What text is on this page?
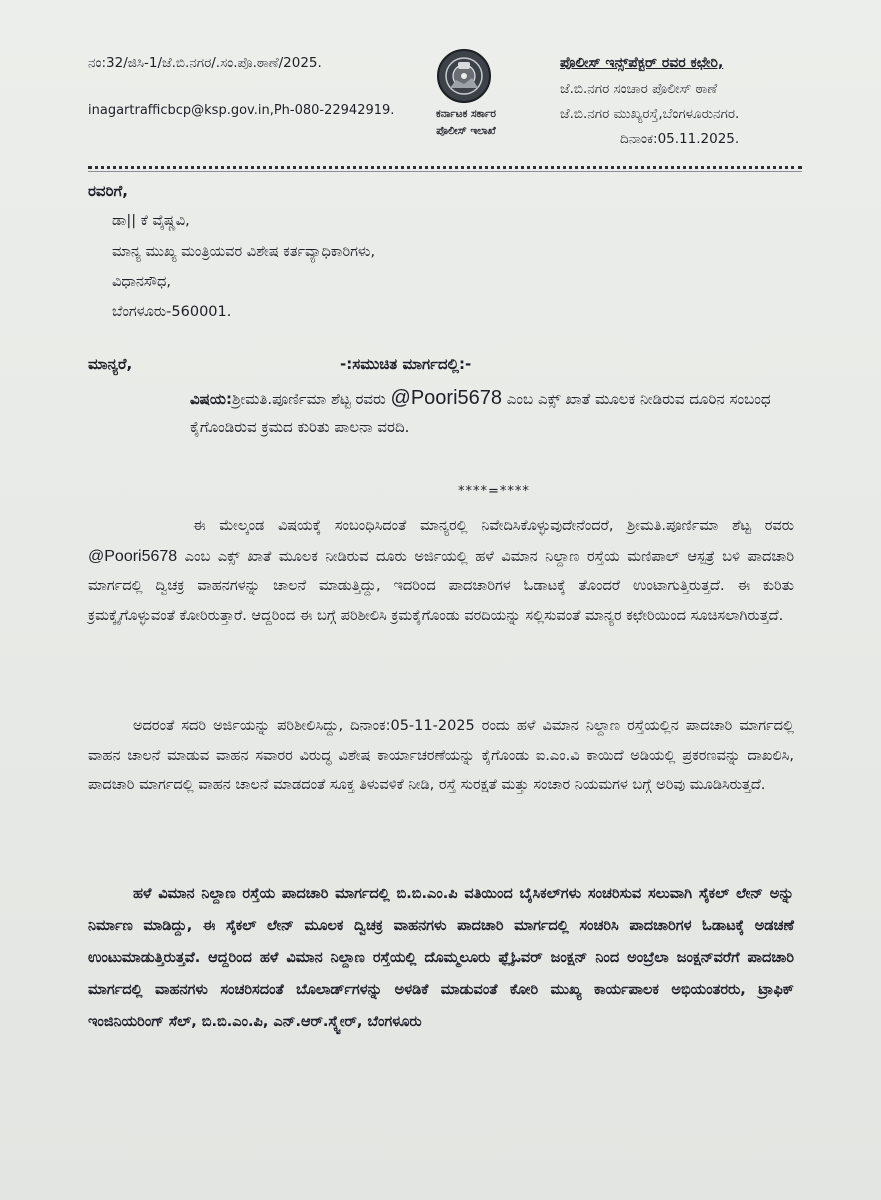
ನಂ:32/ಜಿಸಿ-1/ಜೆ.ಬಿ.ನಗರ/.ಸಂ.ಪೊ.ಠಾಣೆ/2025.
inagartrafficbcp@ksp.gov.in,Ph-080-22942919.	ಕರ್ನಾಟಕ ಸರ್ಕಾರ
ಪೊಲೀಸ್ ಇಲಾಖೆ
ಪೊಲೀಸ್ ಇನ್ಸ್‌ಪೆಕ್ಟರ್ ರವರ ಕಛೇರಿ,
ಜೆ.ಬಿ.ನಗರ ಸಂಚಾರ ಪೊಲೀಸ್ ಠಾಣೆ
ಜೆ.ಬಿ.ನಗರ ಮುಖ್ಯರಸ್ತೆ,ಬೆಂಗಳೂರುನಗರ.
ದಿನಾಂಕ:05.11.2025.
ರವರಿಗೆ,
ಡಾ|| ಕೆ ವೈಷ್ಣವಿ,
ಮಾನ್ಯ ಮುಖ್ಯ ಮಂತ್ರಿಯವರ ವಿಶೇಷ ಕರ್ತವ್ಯಾಧಿಕಾರಿಗಳು,
ವಿಧಾನಸೌಧ,
ಬೆಂಗಳೂರು-560001.
ಮಾನ್ಯರೆ,	-:ಸಮುಚಿತ ಮಾರ್ಗದಲ್ಲಿ:-
ವಿಷಯ:ಶ್ರೀಮತಿ.ಪೂರ್ಣಿಮಾ ಶೆಟ್ಟ ರವರು @Poori5678 ಎಂಬ ಎಕ್ಸ್ ಖಾತೆ ಮೂಲಕ ನೀಡಿರುವ ದೂರಿನ ಸಂಬಂಧ ಕೈಗೊಂಡಿರುವ ಕ್ರಮದ ಕುರಿತು ಪಾಲನಾ ವರದಿ.
****=****
ಈ ಮೇಲ್ಕಂಡ ವಿಷಯಕ್ಕೆ ಸಂಬಂಧಿಸಿದಂತೆ ಮಾನ್ಯರಲ್ಲಿ ನಿವೇದಿಸಿಕೊಳ್ಳುವುದೇನೆಂದರೆ, ಶ್ರೀಮತಿ.ಪೂರ್ಣಿಮಾ ಶೆಟ್ಟ ರವರು @Poori5678 ಎಂಬ ಎಕ್ಸ್ ಖಾತೆ ಮೂಲಕ ನೀಡಿರುವ ದೂರು ಅರ್ಜಿಯಲ್ಲಿ ಹಳೆ ವಿಮಾನ ನಿಲ್ದಾಣ ರಸ್ತೆಯ ಮಣಿಪಾಲ್ ಆಸ್ಪತ್ರೆ ಬಳಿ ಪಾದಚಾರಿ ಮಾರ್ಗದಲ್ಲಿ ದ್ವಿಚಕ್ರ ವಾಹನಗಳನ್ನು ಚಾಲನೆ ಮಾಡುತ್ತಿದ್ದು, ಇದರಿಂದ ಪಾದಚಾರಿಗಳ ಓಡಾಟಕ್ಕೆ ತೊಂದರೆ ಉಂಟಾಗುತ್ತಿರುತ್ತದೆ. ಈ ಕುರಿತು ಕ್ರಮಕ್ಕೈಗೊಳ್ಳುವಂತೆ ಕೋರಿರುತ್ತಾರೆ. ಆದ್ದರಿಂದ ಈ ಬಗ್ಗೆ ಪರಿಶೀಲಿಸಿ ಕ್ರಮಕೈಗೊಂಡು ವರದಿಯನ್ನು ಸಲ್ಲಿಸುವಂತೆ ಮಾನ್ಯರ ಕಛೇರಿಯಿಂದ ಸೂಚಿಸಲಾಗಿರುತ್ತದೆ.
ಅದರಂತೆ ಸದರಿ ಅರ್ಜಿಯನ್ನು ಪರಿಶೀಲಿಸಿದ್ದು, ದಿನಾಂಕ:05-11-2025 ರಂದು ಹಳೆ ವಿಮಾನ ನಿಲ್ದಾಣ ರಸ್ತೆಯಲ್ಲಿನ ಪಾದಚಾರಿ ಮಾರ್ಗದಲ್ಲಿ ವಾಹನ ಚಾಲನೆ ಮಾಡುವ ವಾಹನ ಸವಾರರ ವಿರುದ್ಧ ವಿಶೇಷ ಕಾರ್ಯಾಚರಣೆಯನ್ನು ಕೈಗೊಂಡು ಐ.ಎಂ.ವಿ ಕಾಯಿದೆ ಅಡಿಯಲ್ಲಿ ಪ್ರಕರಣವನ್ನು ದಾಖಲಿಸಿ, ಪಾದಚಾರಿ ಮಾರ್ಗದಲ್ಲಿ ವಾಹನ ಚಾಲನೆ ಮಾಡದಂತೆ ಸೂಕ್ತ ತಿಳುವಳಿಕೆ ನೀಡಿ, ರಸ್ತೆ ಸುರಕ್ಷತೆ ಮತ್ತು ಸಂಚಾರ ನಿಯಮಗಳ ಬಗ್ಗೆ ಅರಿವು ಮೂಡಿಸಿರುತ್ತದೆ.
ಹಳೆ ವಿಮಾನ ನಿಲ್ದಾಣ ರಸ್ತೆಯ ಪಾದಚಾರಿ ಮಾರ್ಗದಲ್ಲಿ ಬಿ.ಬಿ.ಎಂ.ಪಿ ವತಿಯಿಂದ ಬೈಸಿಕಲ್‌ಗಳು ಸಂಚರಿಸುವ ಸಲುವಾಗಿ ಸೈಕಲ್ ಲೇನ್ ಅನ್ನು ನಿರ್ಮಾಣ ಮಾಡಿದ್ದು, ಈ ಸೈಕಲ್ ಲೇನ್ ಮೂಲಕ ದ್ವಿಚಕ್ರ ವಾಹನಗಳು ಪಾದಚಾರಿ ಮಾರ್ಗದಲ್ಲಿ ಸಂಚರಿಸಿ ಪಾದಚಾರಿಗಳ ಓಡಾಟಕ್ಕೆ ಅಡಚಣೆ ಉಂಟುಮಾಡುತ್ತಿರುತ್ತವೆ. ಆದ್ದರಿಂದ ಹಳೆ ವಿಮಾನ ನಿಲ್ದಾಣ ರಸ್ತೆಯಲ್ಲಿ ದೊಮ್ಮಲೂರು ಫ್ಲೈಓವರ್ ಜಂಕ್ಷನ್ ನಿಂದ ಅಂಬ್ರೆಲಾ ಜಂಕ್ಷನ್‌ವರೆಗೆ ಪಾದಚಾರಿ ಮಾರ್ಗದಲ್ಲಿ ವಾಹನಗಳು ಸಂಚರಿಸದಂತೆ ಬೊಲಾರ್ಡ್‌ಗಳನ್ನು ಅಳಡಿಕೆ ಮಾಡುವಂತೆ ಕೋರಿ ಮುಖ್ಯ ಕಾರ್ಯಪಾಲಕ ಅಭಿಯಂತರರು, ಟ್ರಾಫಿಕ್ ಇಂಜಿನಿಯರಿಂಗ್ ಸೆಲ್, ಬಿ.ಬಿ.ಎಂ.ಪಿ, ಎನ್.ಆರ್.ಸ್ಕ್ವೇರ್, ಬೆಂಗಳೂರು
